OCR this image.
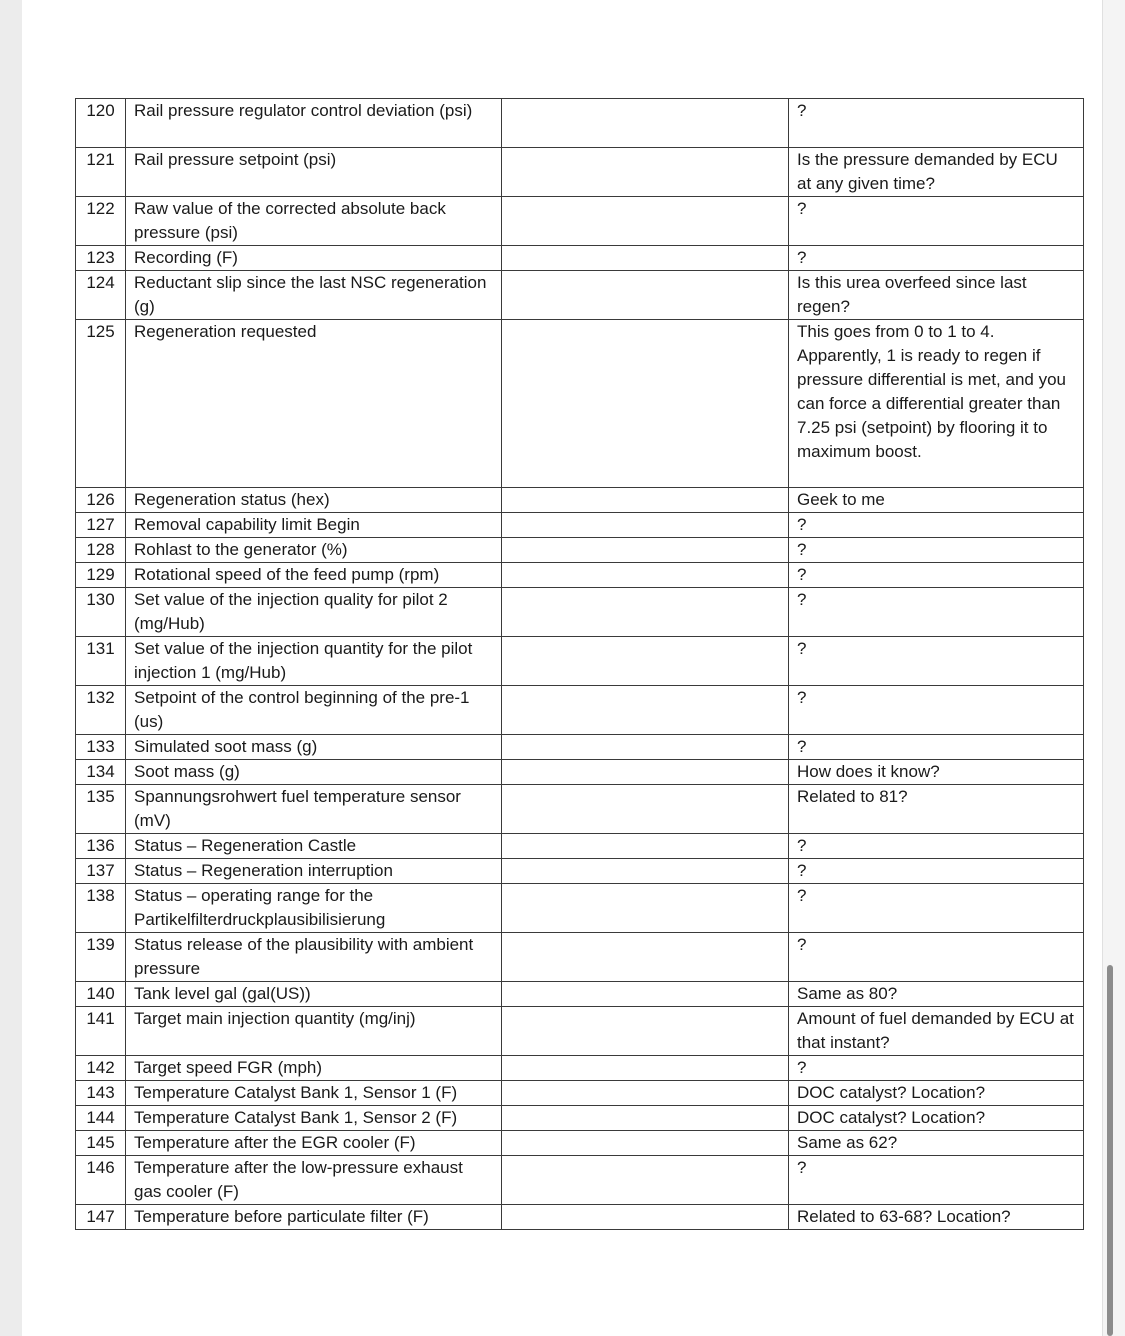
120	Rail pressure regulator control deviation (psi)		?
121	Rail pressure setpoint (psi)		Is the pressure demanded by ECU at any given time?
122	Raw value of the corrected absolute back pressure (psi)		?
123	Recording (F)		?
124	Reductant slip since the last NSC regeneration (g)		Is this urea overfeed since last regen?
125	Regeneration requested		This goes from 0 to 1 to 4. Apparently, 1 is ready to regen if pressure differential is met, and you can force a differential greater than 7.25 psi (setpoint) by flooring it to maximum boost.
126	Regeneration status (hex)		Geek to me
127	Removal capability limit Begin		?
128	Rohlast to the generator (%)		?
129	Rotational speed of the feed pump (rpm)		?
130	Set value of the injection quality for pilot 2 (mg/Hub)		?
131	Set value of the injection quantity for the pilot injection 1 (mg/Hub)		?
132	Setpoint of the control beginning of the pre-1 (us)		?
133	Simulated soot mass (g)		?
134	Soot mass (g)		How does it know?
135	Spannungsrohwert fuel temperature sensor (mV)		Related to 81?
136	Status – Regeneration Castle		?
137	Status – Regeneration interruption		?
138	Status – operating range for the Partikelfilterdruckplausibilisierung		?
139	Status release of the plausibility with ambient pressure		?
140	Tank level gal (gal(US))		Same as 80?
141	Target main injection quantity (mg/inj)		Amount of fuel demanded by ECU at that instant?
142	Target speed FGR (mph)		?
143	Temperature Catalyst Bank 1, Sensor 1 (F)		DOC catalyst? Location?
144	Temperature Catalyst Bank 1, Sensor 2 (F)		DOC catalyst? Location?
145	Temperature after the EGR cooler (F)		Same as 62?
146	Temperature after the low-pressure exhaust gas cooler (F)		?
147	Temperature before particulate filter (F)		Related to 63-68? Location?
